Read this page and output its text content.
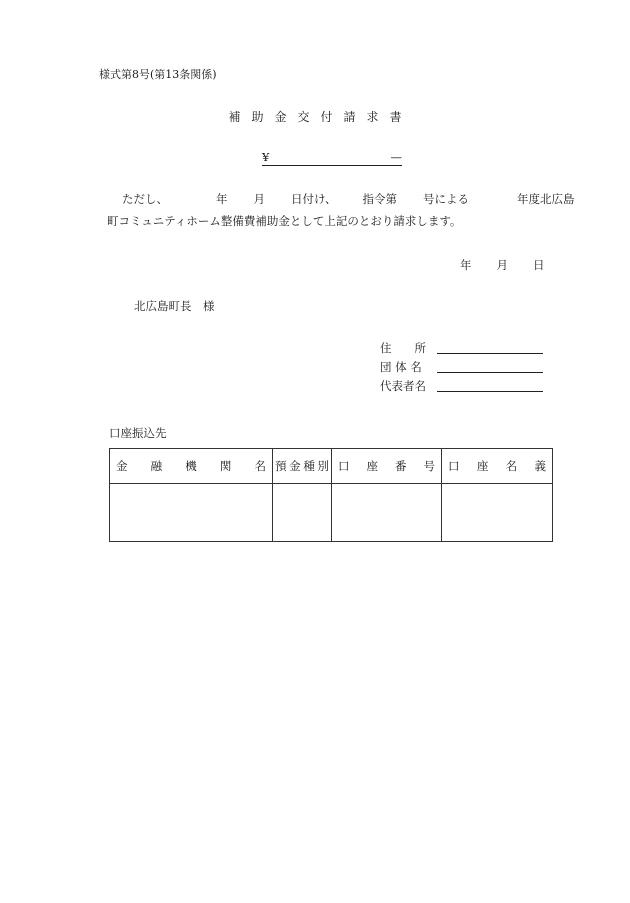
様式第8号(第13条関係)
補助金交付請求書
¥	—
ただし、	年 月 日付け、 指令第 号による	年度北広島
町コミュニティホーム整備費補助金として上記のとおり請求します。
年 月 日
北広島町長　様
住　　所
団 体 名
代表者名
口座振込先
金 融 機 関 名	預 金 種 別	口 座 番 号	口 座 名 義
